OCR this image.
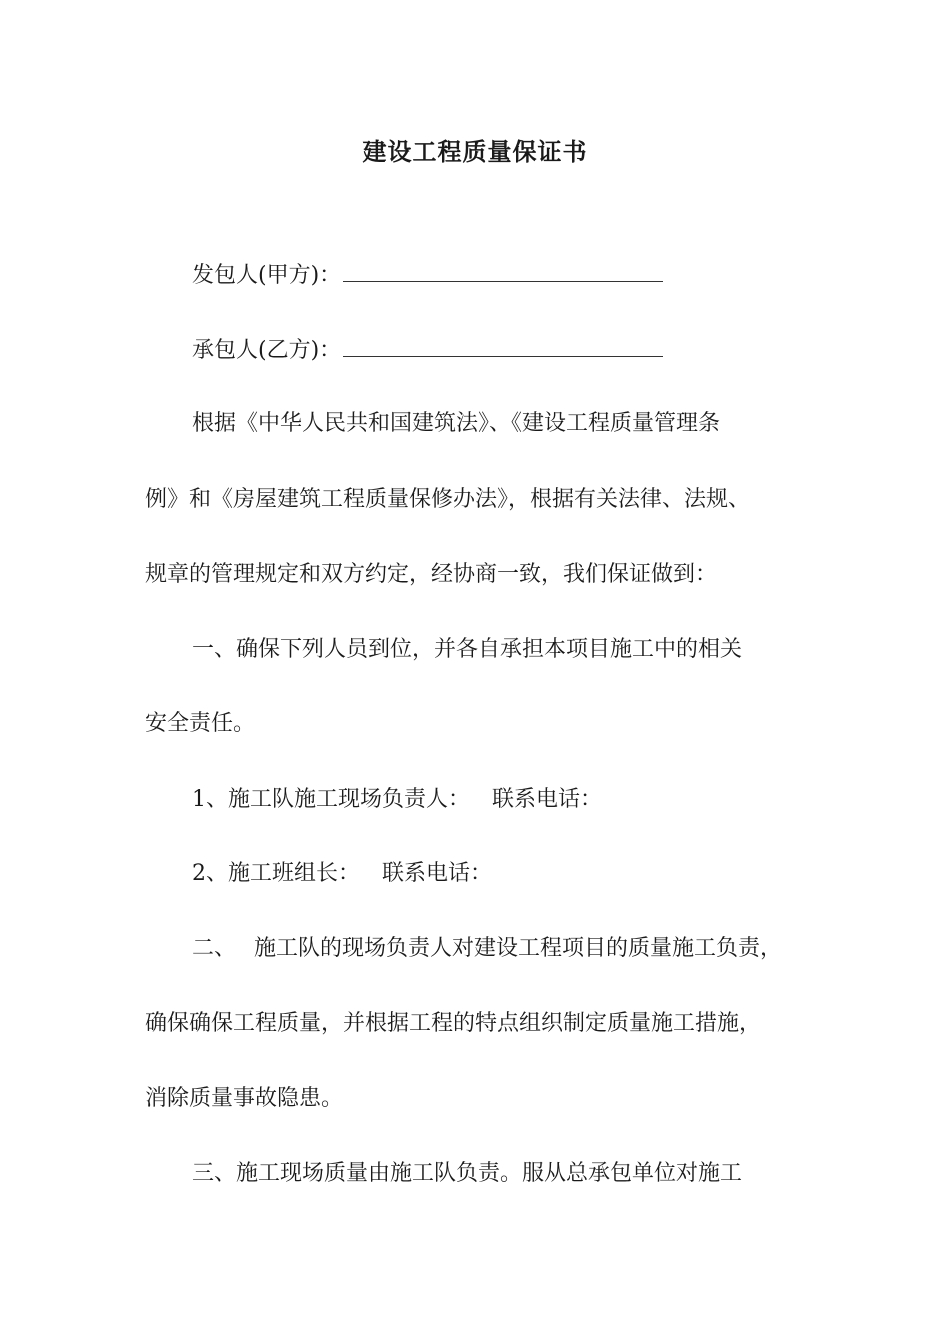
建设工程质量保证书
发包人(甲方)：
承包人(乙方)：
根据《中华人民共和国建筑法》、《建设工程质量管理条
例》和《房屋建筑工程质量保修办法》，根据有关法律、法规、
规章的管理规定和双方约定，经协商一致，我们保证做到：
一、确保下列人员到位，并各自承担本项目施工中的相关
安全责任。
1、施工队施工现场负责人： 联系电话：
2、施工班组长： 联系电话：
二、 施工队的现场负责人对建设工程项目的质量施工负责，
确保确保工程质量，并根据工程的特点组织制定质量施工措施，
消除质量事故隐患。
三、施工现场质量由施工队负责。服从总承包单位对施工
